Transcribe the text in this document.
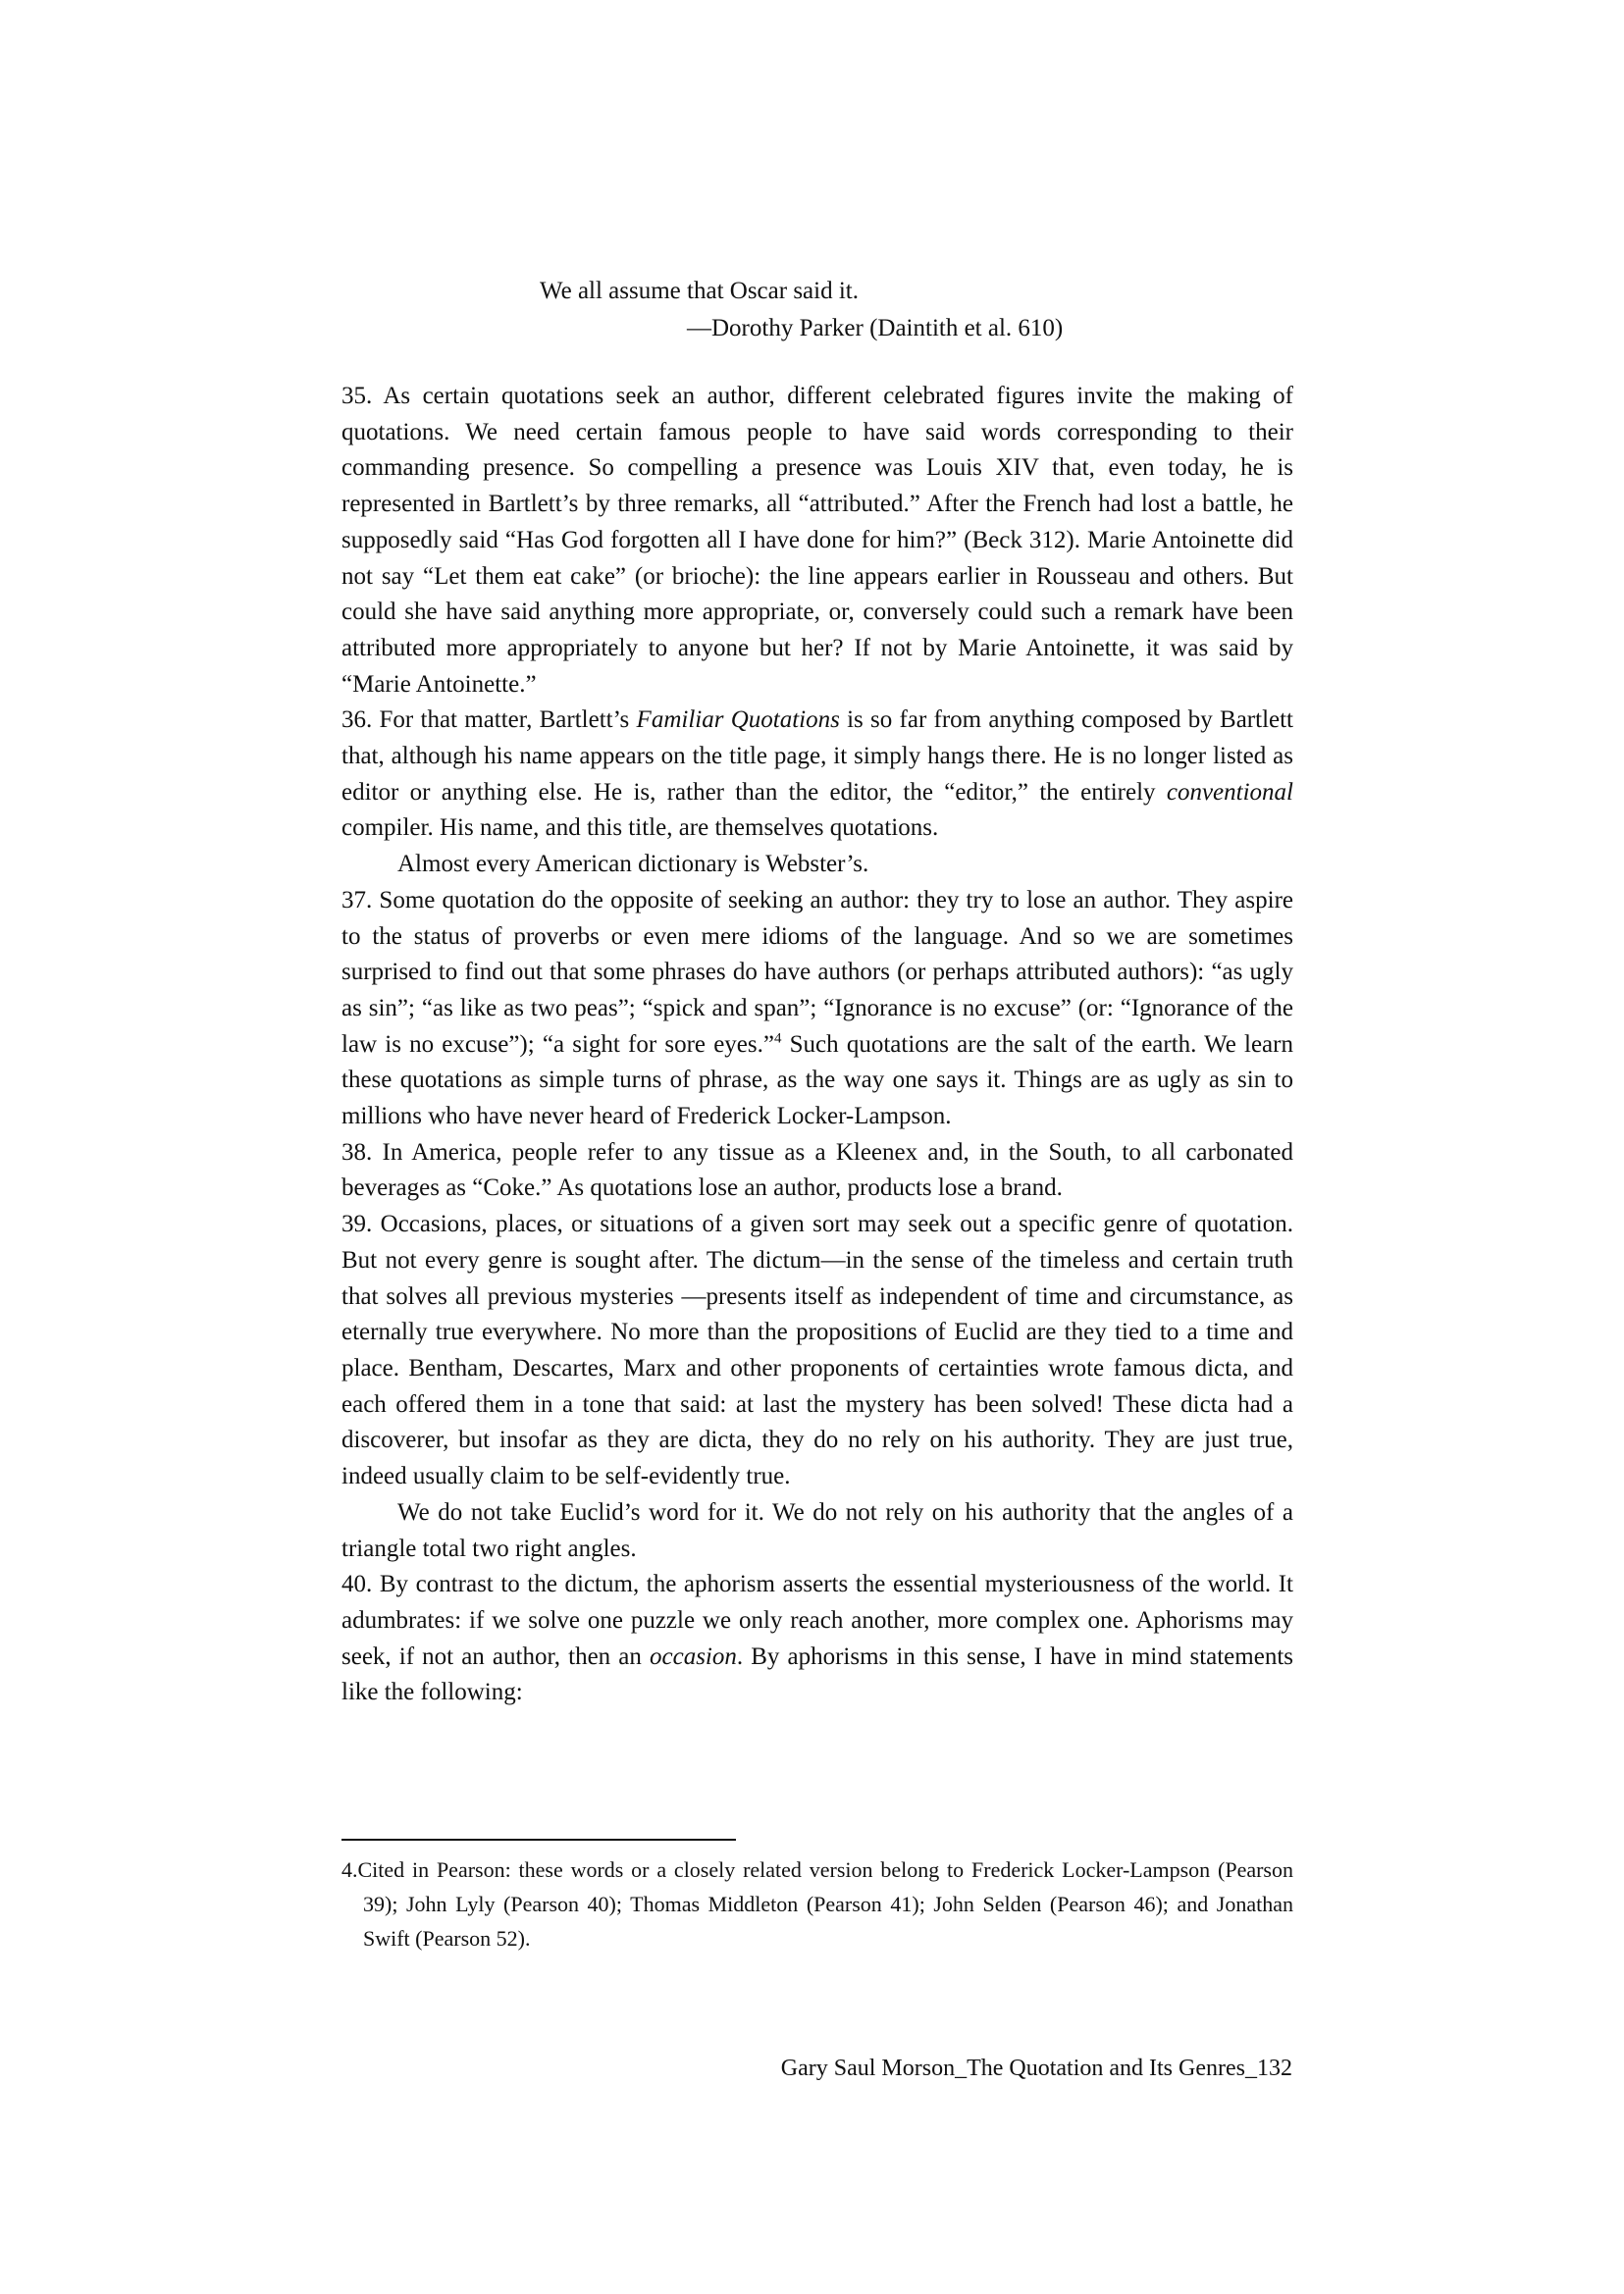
We all assume that Oscar said it.
—Dorothy Parker (Daintith et al. 610)

35. As certain quotations seek an author, different celebrated figures invite the making of quotations. We need certain famous people to have said words corresponding to their commanding presence. So compelling a presence was Louis XIV that, even today, he is represented in Bartlett’s by three remarks, all “attributed.” After the French had lost a battle, he supposedly said “Has God forgotten all I have done for him?” (Beck 312). Marie Antoinette did not say “Let them eat cake” (or brioche): the line appears earlier in Rousseau and others. But could she have said anything more appropriate, or, conversely could such a remark have been attributed more appropriately to anyone but her? If not by Marie Antoinette, it was said by “Marie Antoinette.”

36. For that matter, Bartlett’s Familiar Quotations is so far from anything composed by Bartlett that, although his name appears on the title page, it simply hangs there. He is no longer listed as editor or anything else. He is, rather than the editor, the “editor,” the entirely conventional compiler. His name, and this title, are themselves quotations.

Almost every American dictionary is Webster’s.

37. Some quotation do the opposite of seeking an author: they try to lose an author. They aspire to the status of proverbs or even mere idioms of the language. And so we are sometimes surprised to find out that some phrases do have authors (or perhaps attributed authors): “as ugly as sin”; “as like as two peas”; “spick and span”; “Ignorance is no excuse” (or: “Ignorance of the law is no excuse”); “a sight for sore eyes.”$^4$ Such quotations are the salt of the earth. We learn these quotations as simple turns of phrase, as the way one says it. Things are as ugly as sin to millions who have never heard of Frederick Locker-Lampson.

38. In America, people refer to any tissue as a Kleenex and, in the South, to all carbonated beverages as “Coke.” As quotations lose an author, products lose a brand.

39. Occasions, places, or situations of a given sort may seek out a specific genre of quotation. But not every genre is sought after. The dictum—in the sense of the timeless and certain truth that solves all previous mysteries —presents itself as independent of time and circumstance, as eternally true everywhere. No more than the propositions of Euclid are they tied to a time and place. Bentham, Descartes, Marx and other proponents of certainties wrote famous dicta, and each offered them in a tone that said: at last the mystery has been solved! These dicta had a discoverer, but insofar as they are dicta, they do no rely on his authority. They are just true, indeed usually claim to be self-evidently true.

We do not take Euclid’s word for it. We do not rely on his authority that the angles of a triangle total two right angles.

40. By contrast to the dictum, the aphorism asserts the essential mysteriousness of the world. It adumbrates: if we solve one puzzle we only reach another, more complex one. Aphorisms may seek, if not an author, then an occasion. By aphorisms in this sense, I have in mind statements like the following:

4.Cited in Pearson: these words or a closely related version belong to Frederick Locker-Lampson (Pearson 39); John Lyly (Pearson 40); Thomas Middleton (Pearson 41); John Selden (Pearson 46); and Jonathan Swift (Pearson 52).
Gary Saul Morson_The Quotation and Its Genres_132
